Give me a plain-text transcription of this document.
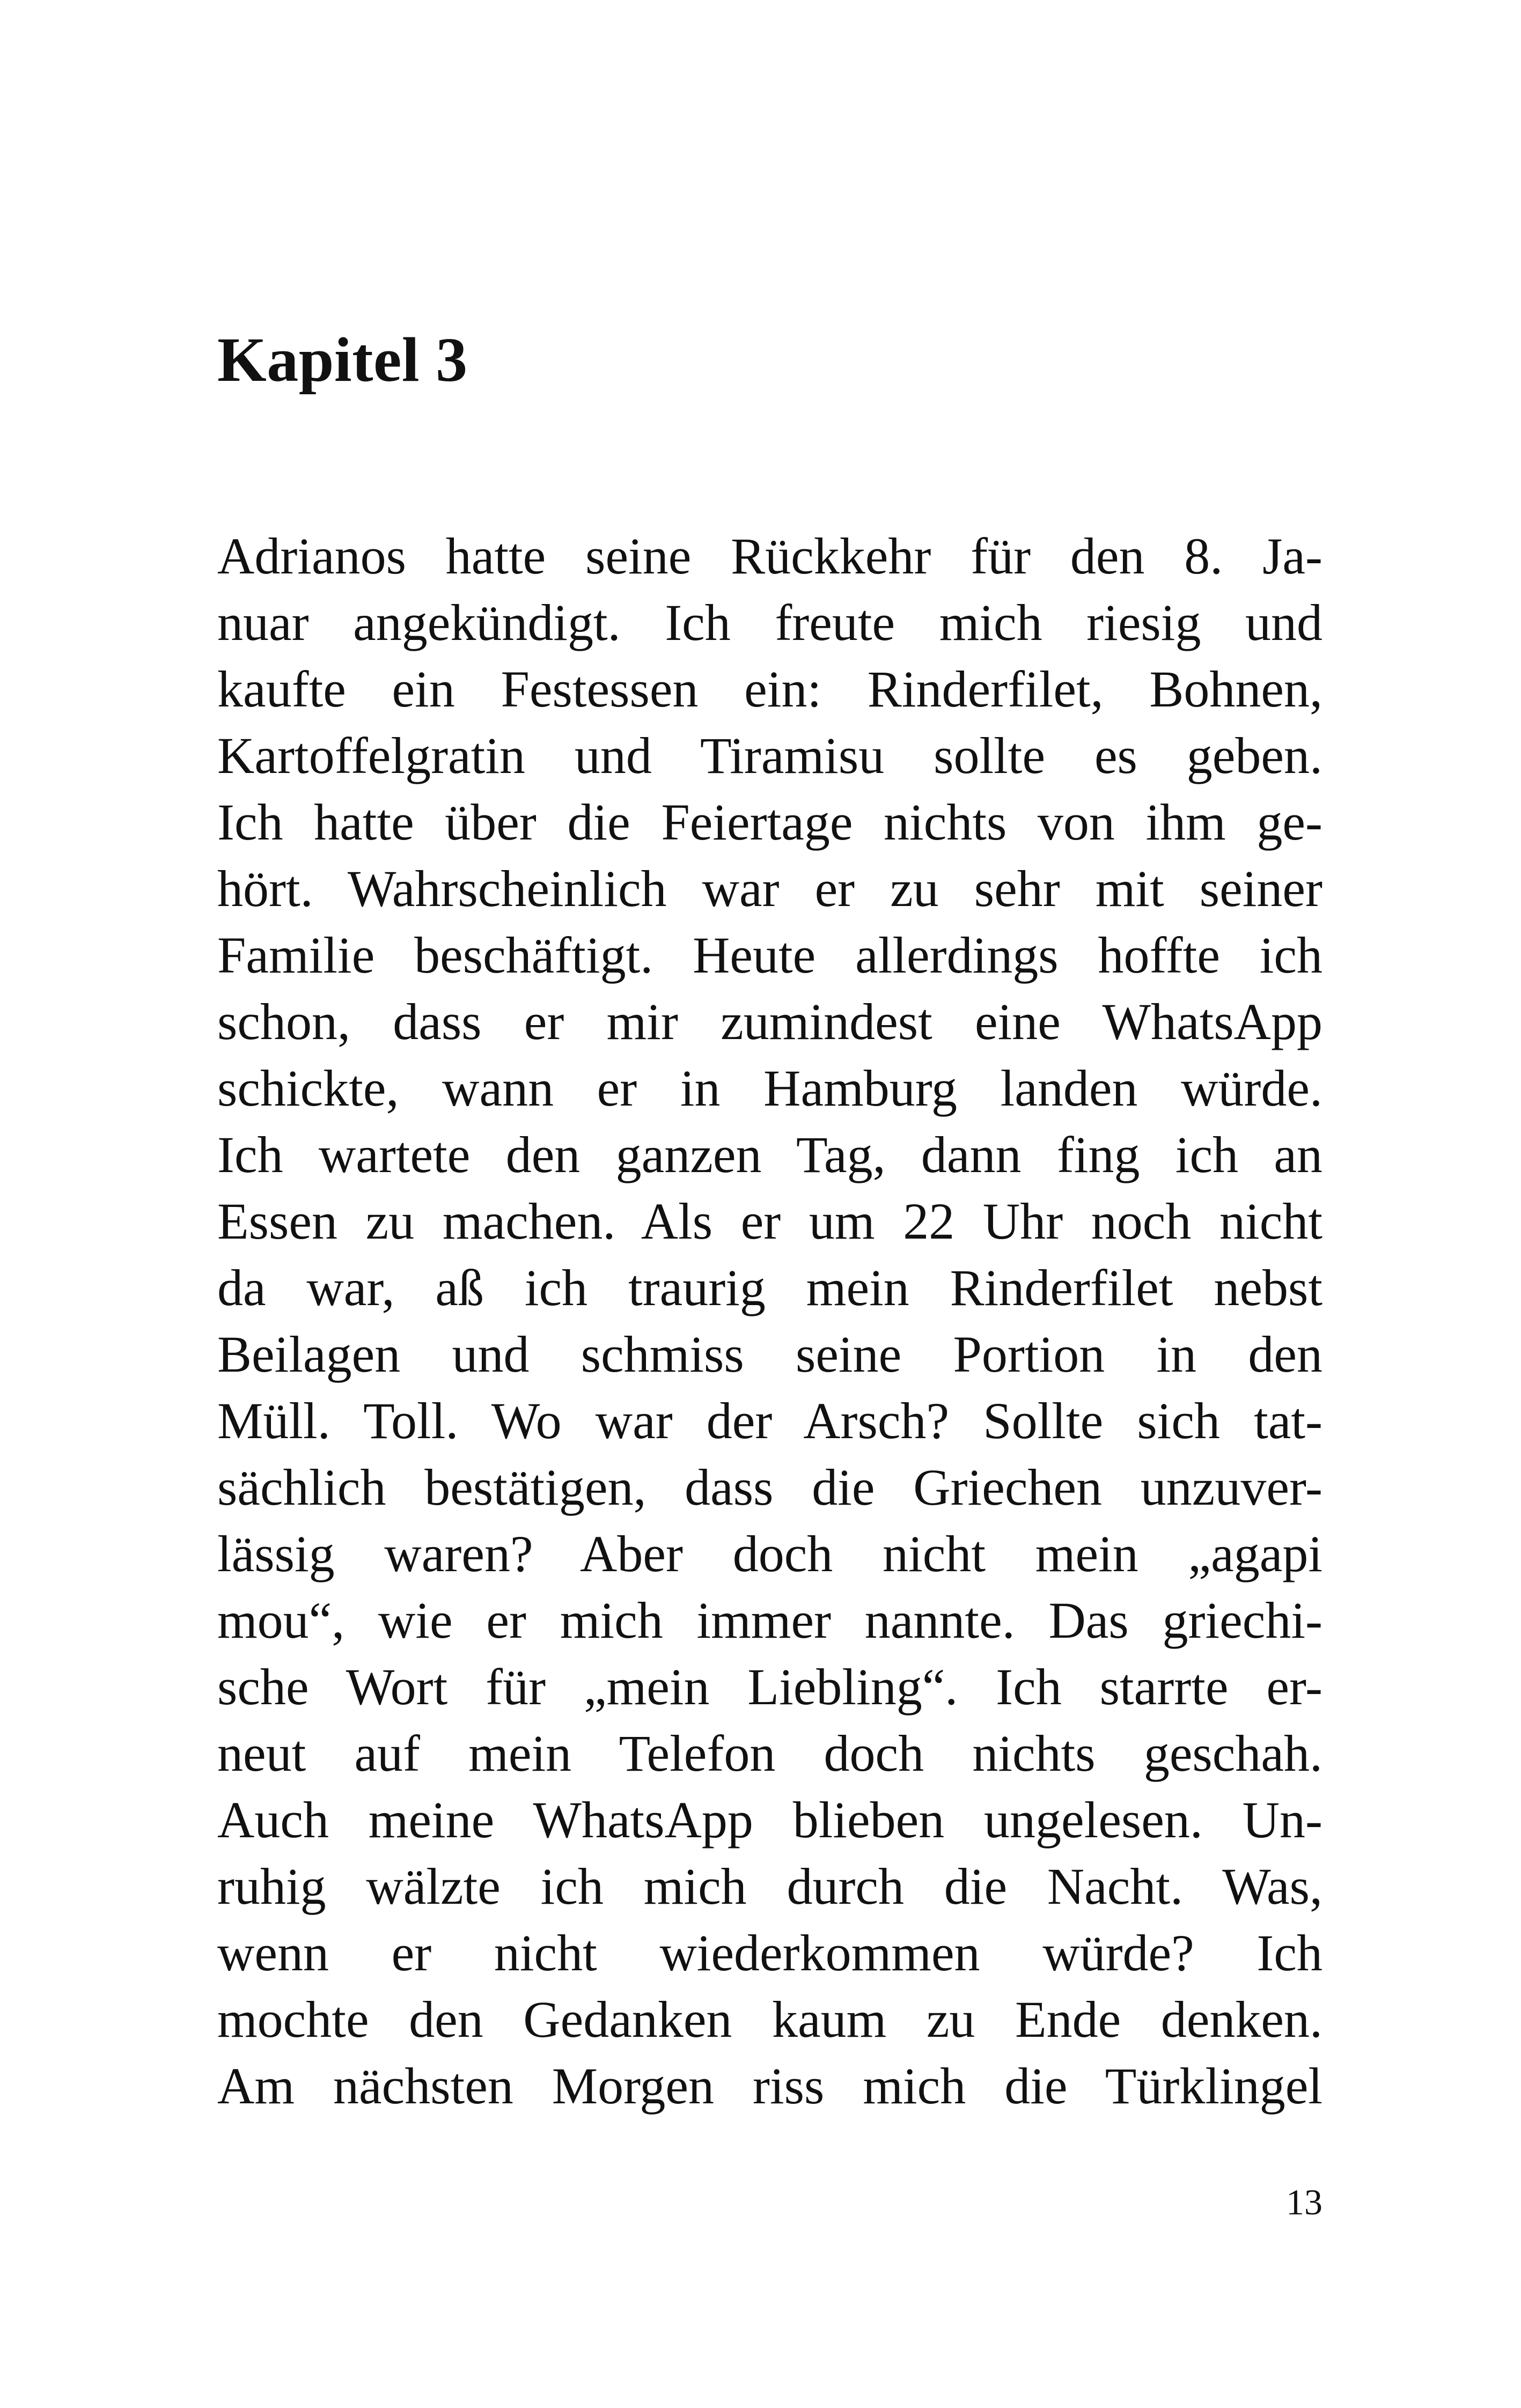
Kapitel 3
Adrianos hatte seine Rückkehr für den 8. Ja-
nuar angekündigt. Ich freute mich riesig und
kaufte ein Festessen ein: Rinderfilet, Bohnen,
Kartoffelgratin und Tiramisu sollte es geben.
Ich hatte über die Feiertage nichts von ihm ge-
hört. Wahrscheinlich war er zu sehr mit seiner
Familie beschäftigt. Heute allerdings hoffte ich
schon, dass er mir zumindest eine WhatsApp
schickte, wann er in Hamburg landen würde.
Ich wartete den ganzen Tag, dann fing ich an
Essen zu machen. Als er um 22 Uhr noch nicht
da war, aß ich traurig mein Rinderfilet nebst
Beilagen und schmiss seine Portion in den
Müll. Toll. Wo war der Arsch? Sollte sich tat-
sächlich bestätigen, dass die Griechen unzuver-
lässig waren? Aber doch nicht mein „agapi
mou“, wie er mich immer nannte. Das griechi-
sche Wort für „mein Liebling“. Ich starrte er-
neut auf mein Telefon doch nichts geschah.
Auch meine WhatsApp blieben ungelesen. Un-
ruhig wälzte ich mich durch die Nacht. Was,
wenn er nicht wiederkommen würde? Ich
mochte den Gedanken kaum zu Ende denken.
Am nächsten Morgen riss mich die Türklingel
13
